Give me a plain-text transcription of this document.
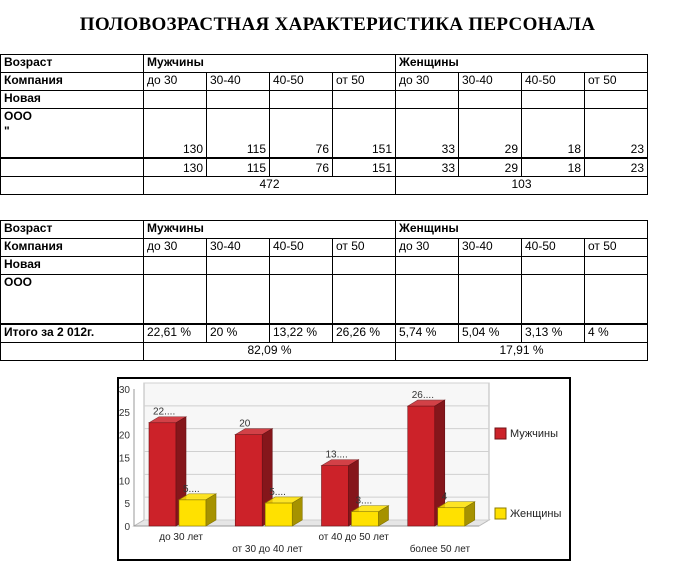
ПОЛОВОЗРАСТНАЯ ХАРАКТЕРИСТИКА ПЕРСОНАЛА
Возраст	Мужчины				Женщины			
Компания	до 30	30-40	40-50	от 50	до 30	30-40	40-50	от 50
Новая								

ООО
"	130	115	76	151	33	29	18	23
	130	115	76	151	33	29	18	23
	472				103			
Возраст	Мужчины				Женщины			
Компания	до 30	30-40	40-50	от 50	до 30	30-40	40-50	от 50
Новая								
ООО								
Итого за 2 012г.	22,61 %	20 %	13,22 %	26,26 %	5,74 %	5,04 %	3,13 %	4 %
	82,09 %				17,91 %			
0
5
10
15
20
25
30
22....
5....
до 30 лет
20
5....
от 30 до 40 лет
13....
3....
от 40 до 50 лет
26....
4
более 50 лет
Мужчины
Женщины
